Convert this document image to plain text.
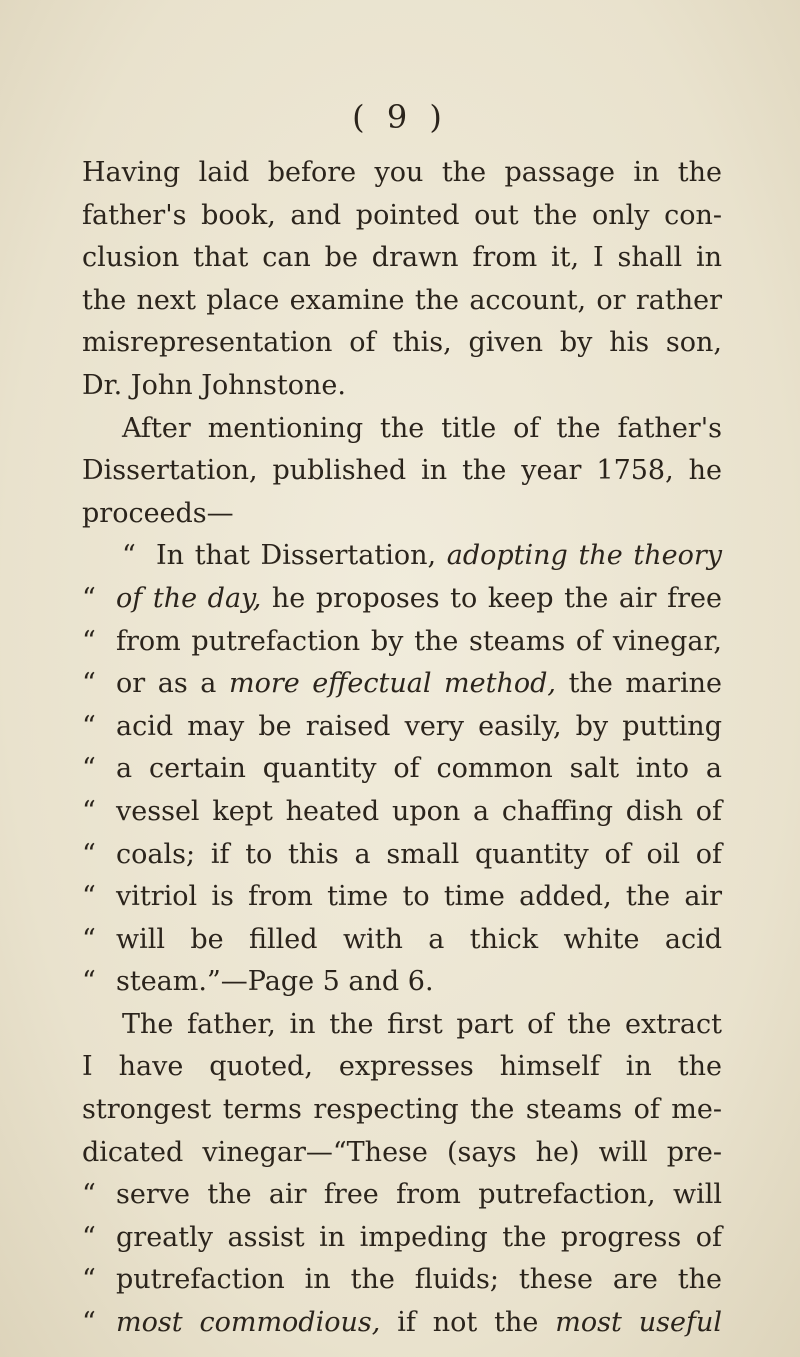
( 9 )
Having laid before you the passage in the
father's book, and pointed out the only con-
clusion that can be drawn from it, I shall in
the next place examine the account, or rather
misrepresentation of this, given by his son,
Dr. John Johnstone.
After mentioning the title of the father's
Dissertation, published in the year 1758, he
proceeds—
“ In that Dissertation, adopting the theory
“ of the day, he proposes to keep the air free
“ from putrefaction by the steams of vinegar,
“ or as a more effectual method, the marine
“ acid may be raised very easily, by putting
“ a certain quantity of common salt into a
“ vessel kept heated upon a chaffing dish of
“ coals; if to this a small quantity of oil of
“ vitriol is from time to time added, the air
“ will be filled with a thick white acid
“ steam.”—Page 5 and 6.
The father, in the first part of the extract
I have quoted, expresses himself in the
strongest terms respecting the steams of me-
dicated vinegar—“These (says he) will pre-
“ serve the air free from putrefaction, will
“ greatly assist in impeding the progress of
“ putrefaction in the fluids; these are the
“ most commodious, if not the most useful
